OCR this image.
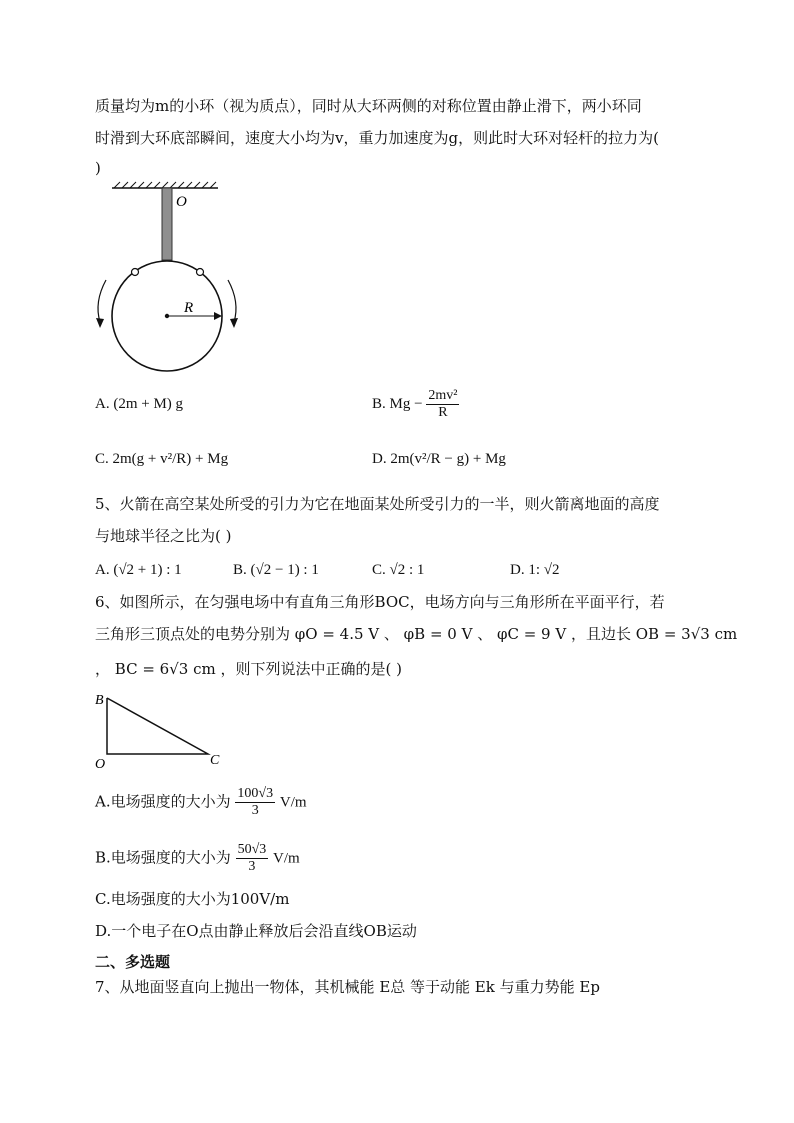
质量均为m的小环（视为质点），同时从大环两侧的对称位置由静止滑下，两小环同
时滑到大环底部瞬间，速度大小均为v，重力加速度为g，则此时大环对轻杆的拉力为(
)
O
R
A. (2m + M) g	B. $Mg - \frac{\text{2mv²}}{R}$
C. 2m(g + v²/R) + Mg	D. 2m(v²/R − g) + Mg
5、火箭在高空某处所受的引力为它在地面某处所受引力的一半，则火箭离地面的高度
与地球半径之比为( )
A. (√2 + 1) : 1	B. (√2 − 1) : 1	C. √2 : 1	D. 1: √2
6、如图所示，在匀强电场中有直角三角形BOC，电场方向与三角形所在平面平行，若
三角形三顶点处的电势分别为 φO = 4.5 V 、 φB = 0 V 、 φC = 9 V ，且边长 OB = 3√3 cm
， BC = 6√3 cm ，则下列说法中正确的是( )
B
O	C
A.电场强度的大小为 $\frac{100√3}{3} V/m$
B.电场强度的大小为 $\frac{50√3}{3} V/m$
C.电场强度的大小为100V/m
D.一个电子在O点由静止释放后会沿直线OB运动
二、多选题
7、从地面竖直向上抛出一物体，其机械能 E总 等于动能 Ek 与重力势能 Ep
